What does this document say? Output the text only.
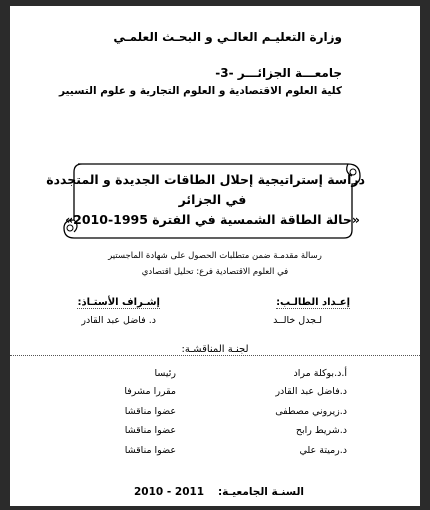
وزارة التعليـم العالـي و البحـث العلمـي
جامعـــة الجزائـــر -3-
كلية العلوم الاقتصادية و العلوم التجارية و علوم التسيير
دراسة إستراتيجية إحلال الطاقات الجديدة و المتجددة
في الجزائر
«حالة الطاقة الشمسية في الفترة 1995-2010»
رسالة مقدمـة ضمن متطلبات الحصول على شهادة الماجستير
في العلوم الاقتصادية فرع: تحليل اقتصادي
إعـداد الطالـب:
لـجدل خالــد
إشـراف الأستـاذ:
د. فاضل عبد القادر
لجنـة المناقشـة:
أ.د.بوكلة مراد
رئيسا
د.فاضل عبد القادر
مقررا مشرفا
د.زيروني مصطفى
عضوا مناقشا
د.شريط رابح
عضوا مناقشا
د.رميتة علي
عضوا مناقشا
السنـة الجامعيـة:
2010 - 2011
